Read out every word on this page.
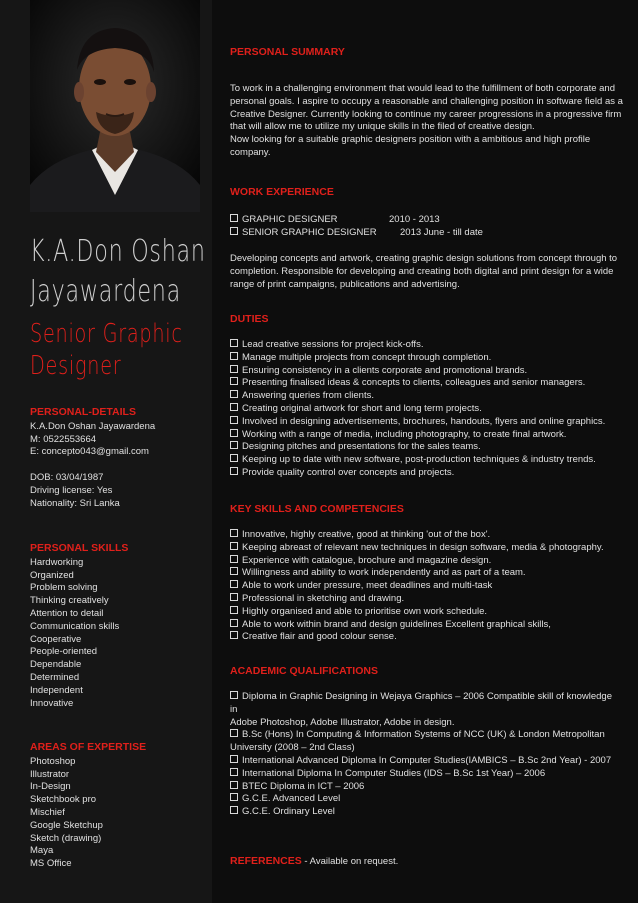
K.A.Don Oshan
Jayawardena
Senior Graphic
Designer
PERSONAL-DETAILS
K.A.Don Oshan Jayawardena
M: 0522553664
E: concepto043@gmail.com
DOB: 03/04/1987
Driving license: Yes
Nationality: Sri Lanka
PERSONAL SKILLS
Hardworking
Organized
Problem solving
Thinking creatively
Attention to detail
Communication skills
Cooperative
People-oriented
Dependable
Determined
Independent
Innovative
AREAS OF EXPERTISE
Photoshop
Illustrator
In-Design
Sketchbook pro
Mischief
Google Sketchup
Sketch (drawing)
Maya
MS Office
PERSONAL SUMMARY
To work in a challenging environment that would lead to the fulfillment of both corporate and
personal goals. I aspire to occupy a reasonable and challenging position in software field as a
Creative Designer. Currently looking to continue my career progressions in a progressive firm
that will allow me to utilize my unique skills in the filed of creative design.
Now looking for a suitable graphic designers position with a ambitious and high profile
company.
WORK EXPERIENCE
GRAPHIC DESIGNER	2010 - 2013
SENIOR GRAPHIC DESIGNER 2013 June - till date
Developing concepts and artwork, creating graphic design solutions from concept through to
completion. Responsible for developing and creating both digital and print design for a wide
range of print campaigns, publications and advertising.
DUTIES
Lead creative sessions for project kick-offs.
Manage multiple projects from concept through completion.
Ensuring consistency in a clients corporate and promotional brands.
Presenting finalised ideas & concepts to clients, colleagues and senior managers.
Answering queries from clients.
Creating original artwork for short and long term projects.
Involved in designing advertisements, brochures, handouts, flyers and online graphics.
Working with a range of media, including photography, to create final artwork.
Designing pitches and presentations for the sales teams.
Keeping up to date with new software, post-production techniques & industry trends.
Provide quality control over concepts and projects.
KEY SKILLS AND COMPETENCIES
Innovative, highly creative, good at thinking 'out of the box'.
Keeping abreast of relevant new techniques in design software, media & photography.
Experience with catalogue, brochure and magazine design.
Willingness and ability to work independently and as part of a team.
Able to work under pressure, meet deadlines and multi-task
Professional in sketching and drawing.
Highly organised and able to prioritise own work schedule.
Able to work within brand and design guidelines Excellent graphical skills,
Creative flair and good colour sense.
ACADEMIC QUALIFICATIONS
Diploma in Graphic Designing in Wejaya Graphics – 2006 Compatible skill of knowledge in
Adobe Photoshop, Adobe Illustrator, Adobe in design.
B.Sc (Hons) In Computing & Information Systems of NCC (UK) & London Metropolitan
University (2008 – 2nd Class)
International Advanced Diploma In Computer Studies(IAMBICS – B.Sc 2nd Year) - 2007
International Diploma In Computer Studies (IDS – B.Sc 1st Year) – 2006
BTEC Diploma in ICT – 2006
G.C.E. Advanced Level
G.C.E. Ordinary Level
REFERENCES - Available on request.
